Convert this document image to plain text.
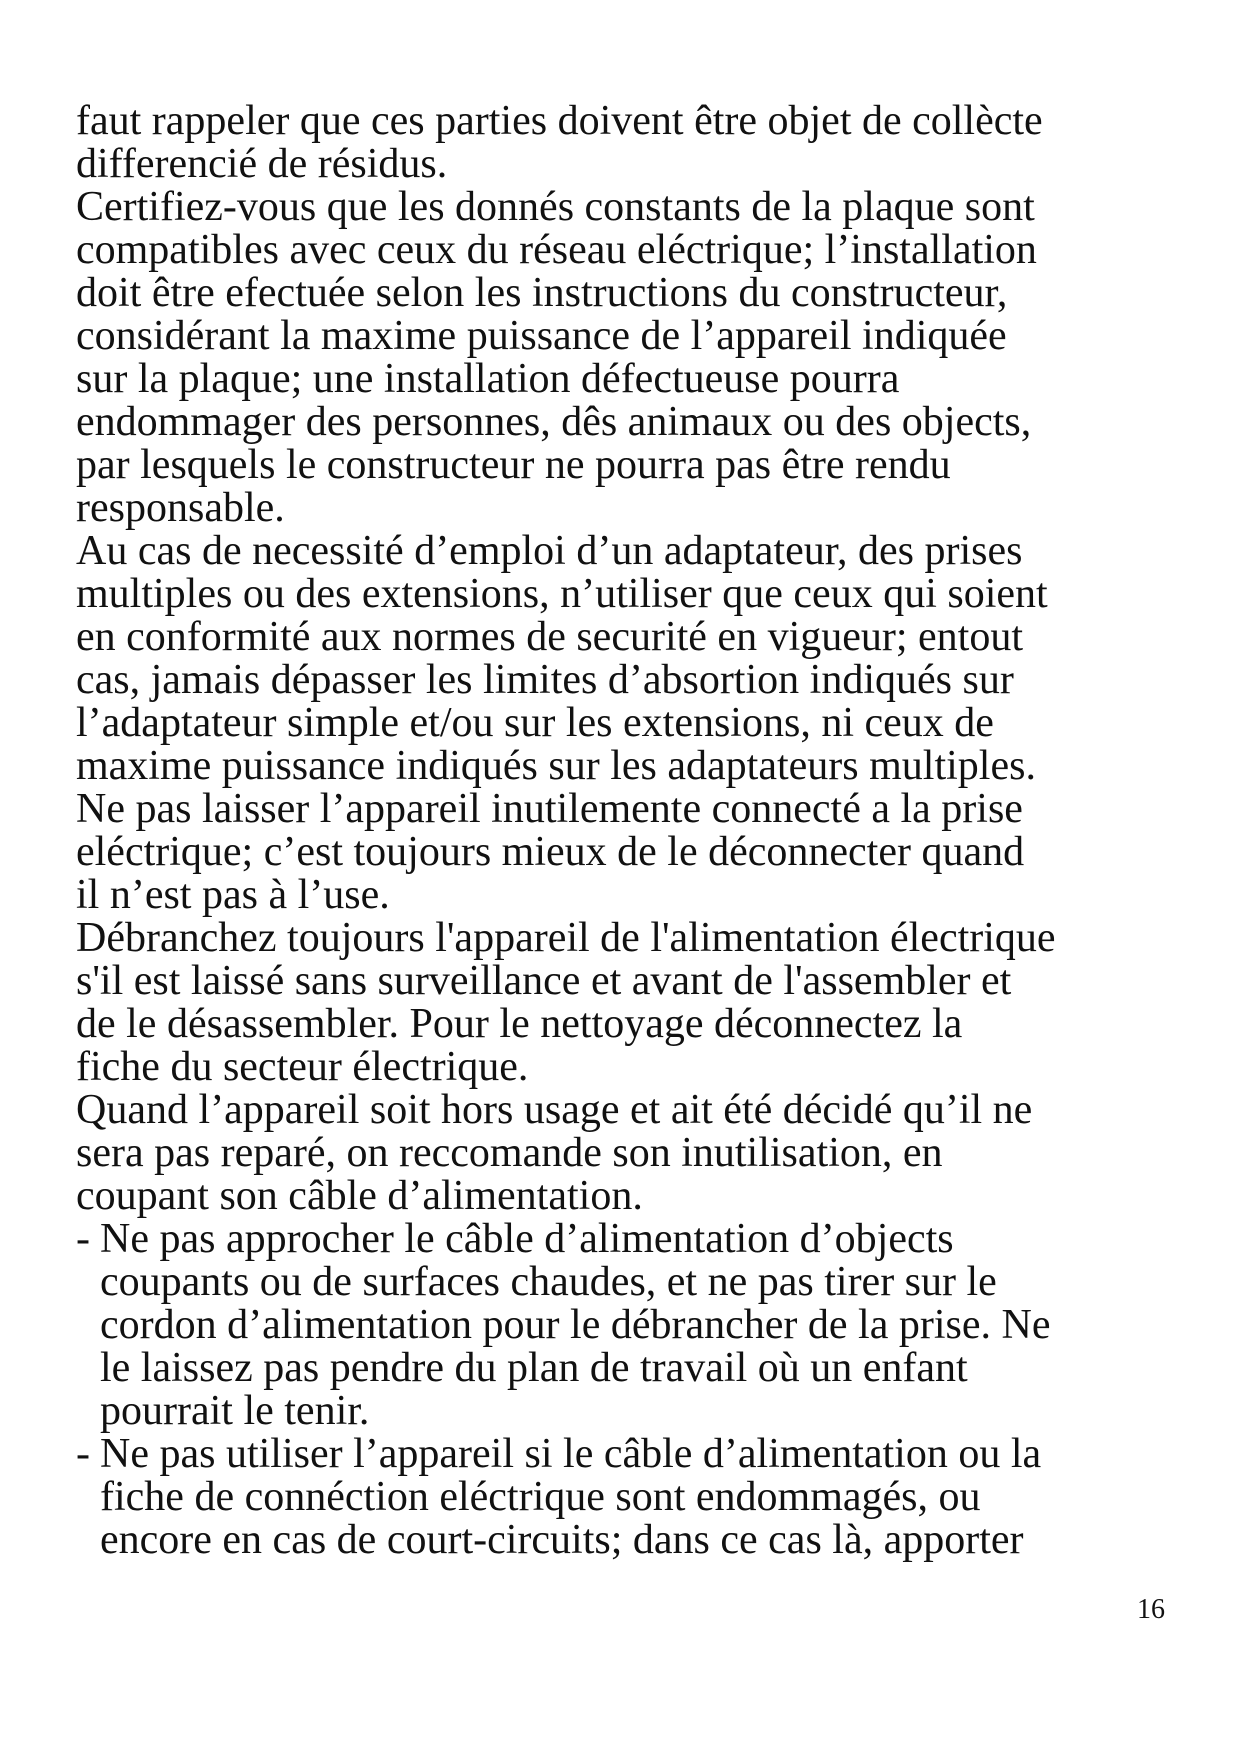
faut rappeler que ces parties doivent être objet de collècte
differencié de résidus.
Certifiez-vous que les donnés constants de la plaque sont
compatibles avec ceux du réseau eléctrique; l’installation
doit être efectuée selon les instructions du constructeur,
considérant la maxime puissance de l’appareil indiquée
sur la plaque; une installation défectueuse pourra
endommager des personnes, dês animaux ou des objects,
par lesquels le constructeur ne pourra pas être rendu
responsable.
Au cas de necessité d’emploi d’un adaptateur, des prises
multiples ou des extensions, n’utiliser que ceux qui soient
en conformité aux normes de securité en vigueur; entout
cas, jamais dépasser les limites d’absortion indiqués sur
l’adaptateur simple et/ou sur les extensions, ni ceux de
maxime puissance indiqués sur les adaptateurs multiples.
Ne pas laisser l’appareil inutilemente connecté a la prise
eléctrique; c’est toujours mieux de le déconnecter quand
il n’est pas à l’use.
Débranchez toujours l'appareil de l'alimentation électrique
s'il est laissé sans surveillance et avant de l'assembler et
de le désassembler. Pour le nettoyage déconnectez la
fiche du secteur électrique.
Quand l’appareil soit hors usage et ait été décidé qu’il ne
sera pas reparé, on reccomande son inutilisation, en
coupant son câble d’alimentation.
- Ne pas approcher le câble d’alimentation d’objects
coupants ou de surfaces chaudes, et ne pas tirer sur le
cordon d’alimentation pour le débrancher de la prise. Ne
le laissez pas pendre du plan de travail où un enfant
pourrait le tenir.
- Ne pas utiliser l’appareil si le câble d’alimentation ou la
fiche de connéction eléctrique sont endommagés, ou
encore en cas de court-circuits; dans ce cas là, apporter
16
